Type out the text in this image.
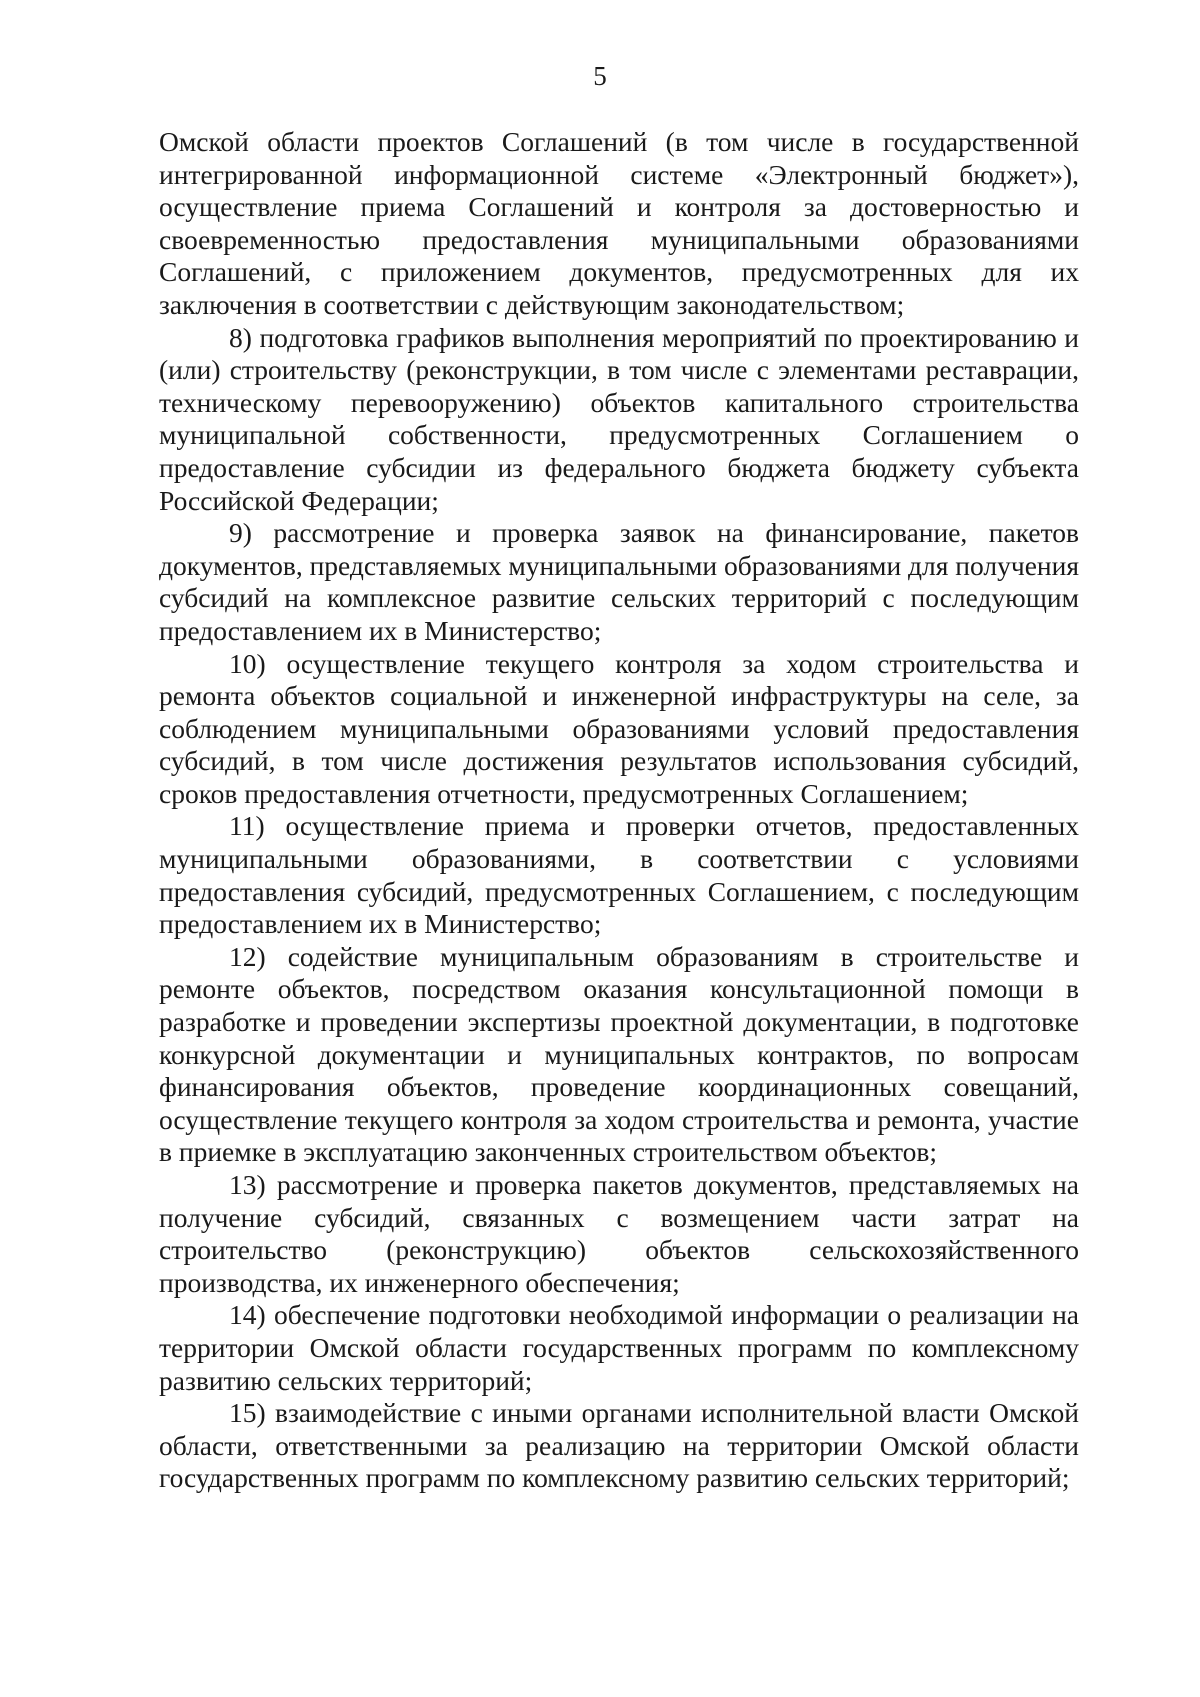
5

Омской области проектов Соглашений (в том числе в государственной интегрированной информационной системе «Электронный бюджет»), осуществление приема Соглашений и контроля за достоверностью и своевременностью предоставления муниципальными образованиями Соглашений, с приложением документов, предусмотренных для их заключения в соответствии с действующим законодательством;

8) подготовка графиков выполнения мероприятий по проектированию и (или) строительству (реконструкции, в том числе с элементами реставрации, техническому перевооружению) объектов капитального строительства муниципальной собственности, предусмотренных Соглашением о предоставление субсидии из федерального бюджета бюджету субъекта Российской Федерации;

9) рассмотрение и проверка заявок на финансирование, пакетов документов, представляемых муниципальными образованиями для получения субсидий на комплексное развитие сельских территорий с последующим предоставлением их в Министерство;

10) осуществление текущего контроля за ходом строительства и ремонта объектов социальной и инженерной инфраструктуры на селе, за соблюдением муниципальными образованиями условий предоставления субсидий, в том числе достижения результатов использования субсидий, сроков предоставления отчетности, предусмотренных Соглашением;

11) осуществление приема и проверки отчетов, предоставленных муниципальными образованиями, в соответствии с условиями предоставления субсидий, предусмотренных Соглашением, с последующим предоставлением их в Министерство;

12) содействие муниципальным образованиям в строительстве и ремонте объектов, посредством оказания консультационной помощи в разработке и проведении экспертизы проектной документации, в подготовке конкурсной документации и муниципальных контрактов, по вопросам финансирования объектов, проведение координационных совещаний, осуществление текущего контроля за ходом строительства и ремонта, участие в приемке в эксплуатацию законченных строительством объектов;

13) рассмотрение и проверка пакетов документов, представляемых на получение субсидий, связанных с возмещением части затрат на строительство (реконструкцию) объектов сельскохозяйственного производства, их инженерного обеспечения;

14) обеспечение подготовки необходимой информации о реализации на территории Омской области государственных программ по комплексному развитию сельских территорий;

15) взаимодействие с иными органами исполнительной власти Омской области, ответственными за реализацию на территории Омской области государственных программ по комплексному развитию сельских территорий;
